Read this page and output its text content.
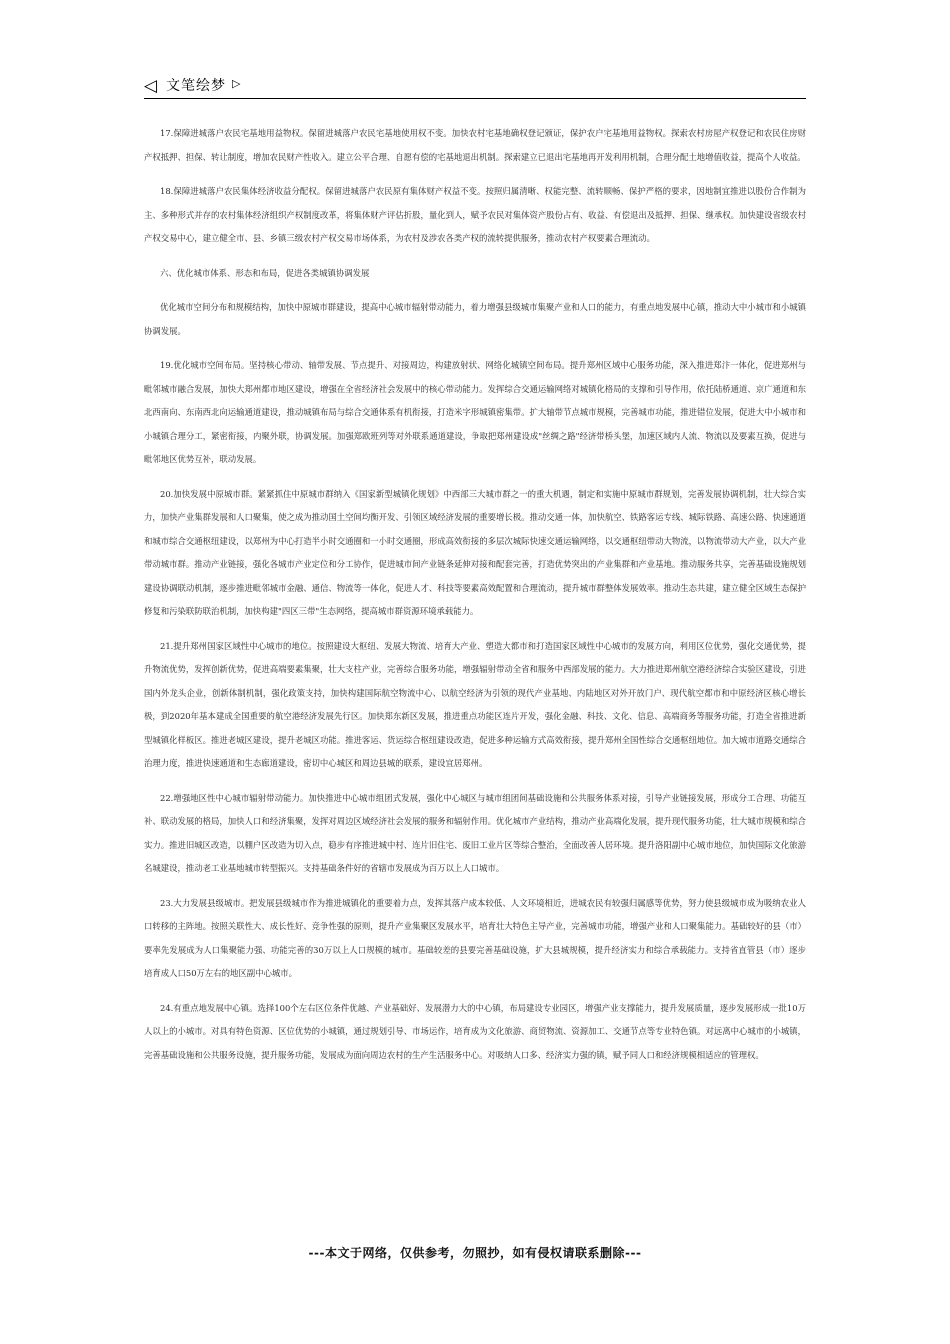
◁ 文笔绘梦 ▷

17.保障进城落户农民宅基地用益物权。保留进城落户农民宅基地使用权不变。加快农村宅基地确权登记颁证，保护农户宅基地用益物权。探索农村房屋产权登记和农民住房财产权抵押、担保、转让制度，增加农民财产性收入。建立公平合理、自愿有偿的宅基地退出机制。探索建立已退出宅基地再开发利用机制，合理分配土地增值收益，提高个人收益。

18.保障进城落户农民集体经济收益分配权。保留进城落户农民原有集体财产权益不变。按照归属清晰、权能完整、流转顺畅、保护严格的要求，因地制宜推进以股份合作制为主、多种形式并存的农村集体经济组织产权制度改革，将集体财产评估折股，量化到人，赋予农民对集体资产股份占有、收益、有偿退出及抵押、担保、继承权。加快建设省级农村产权交易中心，建立健全市、县、乡镇三级农村产权交易市场体系，为农村及涉农各类产权的流转提供服务，推动农村产权要素合理流动。

六、优化城市体系、形态和布局，促进各类城镇协调发展

优化城市空间分布和规模结构，加快中原城市群建设，提高中心城市辐射带动能力，着力增强县级城市集聚产业和人口的能力，有重点地发展中心镇，推动大中小城市和小城镇协调发展。

19.优化城市空间布局。坚持核心带动、轴带发展、节点提升、对接周边，构建放射状、网络化城镇空间布局。提升郑州区域中心服务功能，深入推进郑汴一体化，促进郑州与毗邻城市融合发展，加快大郑州都市地区建设，增强在全省经济社会发展中的核心带动能力。发挥综合交通运输网络对城镇化格局的支撑和引导作用，依托陆桥通道、京广通道和东北西南向、东南西北向运输通道建设，推动城镇布局与综合交通体系有机衔接，打造米字形城镇密集带。扩大轴带节点城市规模，完善城市功能，推进错位发展，促进大中小城市和小城镇合理分工，紧密衔接，内聚外联，协调发展。加强郑欧班列等对外联系通道建设，争取把郑州建设成"丝绸之路"经济带桥头堡，加速区域内人流、物流以及要素互换，促进与毗邻地区优势互补，联动发展。

20.加快发展中原城市群。紧紧抓住中原城市群纳入《国家新型城镇化规划》中西部三大城市群之一的重大机遇，制定和实施中原城市群规划，完善发展协调机制，壮大综合实力，加快产业集群发展和人口聚集，使之成为推动国土空间均衡开发、引领区域经济发展的重要增长极。推动交通一体，加快航空、铁路客运专线、城际铁路、高速公路、快速通道和城市综合交通枢纽建设，以郑州为中心打造半小时交通圈和一小时交通圈，形成高效衔接的多层次城际快速交通运输网络，以交通枢纽带动大物流，以物流带动大产业，以大产业带动城市群。推动产业链接，强化各城市产业定位和分工协作，促进城市间产业链条延伸对接和配套完善，打造优势突出的产业集群和产业基地。推动服务共享，完善基础设施规划建设协调联动机制，逐步推进毗邻城市金融、通信、物流等一体化，促进人才、科技等要素高效配置和合理流动，提升城市群整体发展效率。推动生态共建，建立健全区域生态保护修复和污染联防联治机制，加快构建"四区三带"生态网络，提高城市群资源环境承载能力。

21.提升郑州国家区域性中心城市的地位。按照建设大枢纽、发展大物流、培育大产业、塑造大都市和打造国家区域性中心城市的发展方向，利用区位优势，强化交通优势，提升物流优势，发挥创新优势，促进高端要素集聚，壮大支柱产业，完善综合服务功能，增强辐射带动全省和服务中西部发展的能力。大力推进郑州航空港经济综合实验区建设，引进国内外龙头企业，创新体制机制，强化政策支持，加快构建国际航空物流中心、以航空经济为引领的现代产业基地、内陆地区对外开放门户、现代航空都市和中原经济区核心增长极，到2020年基本建成全国重要的航空港经济发展先行区。加快郑东新区发展，推进重点功能区连片开发，强化金融、科技、文化、信息、高端商务等服务功能，打造全省推进新型城镇化样板区。推进老城区建设，提升老城区功能。推进客运、货运综合枢纽建设改造，促进多种运输方式高效衔接，提升郑州全国性综合交通枢纽地位。加大城市道路交通综合治理力度，推进快速通道和生态廊道建设，密切中心城区和周边县城的联系，建设宜居郑州。

22.增强地区性中心城市辐射带动能力。加快推进中心城市组团式发展，强化中心城区与城市组团间基础设施和公共服务体系对接，引导产业链接发展，形成分工合理、功能互补、联动发展的格局，加快人口和经济集聚，发挥对周边区域经济社会发展的服务和辐射作用。优化城市产业结构，推动产业高端化发展，提升现代服务功能，壮大城市规模和综合实力。推进旧城区改造，以棚户区改造为切入点，稳步有序推进城中村、连片旧住宅、废旧工业片区等综合整治，全面改善人居环境。提升洛阳副中心城市地位，加快国际文化旅游名城建设，推动老工业基地城市转型振兴。支持基础条件好的省辖市发展成为百万以上人口城市。

23.大力发展县级城市。把发展县级城市作为推进城镇化的重要着力点，发挥其落户成本较低、人文环境相近，进城农民有较强归属感等优势，努力使县级城市成为吸纳农业人口转移的主阵地。按照关联性大、成长性好、竞争性强的原则，提升产业集聚区发展水平，培育壮大特色主导产业，完善城市功能，增强产业和人口聚集能力。基础较好的县（市）要率先发展成为人口集聚能力强、功能完善的30万以上人口规模的城市。基础较差的县要完善基础设施，扩大县城规模，提升经济实力和综合承载能力。支持省直管县（市）逐步培育成人口50万左右的地区副中心城市。

24.有重点地发展中心镇。选择100个左右区位条件优越、产业基础好、发展潜力大的中心镇，布局建设专业园区，增强产业支撑能力，提升发展质量，逐步发展形成一批10万人以上的小城市。对具有特色资源、区位优势的小城镇，通过规划引导、市场运作，培育成为文化旅游、商贸物流、资源加工、交通节点等专业特色镇。对远离中心城市的小城镇，完善基础设施和公共服务设施，提升服务功能，发展成为面向周边农村的生产生活服务中心。对吸纳人口多、经济实力强的镇，赋予同人口和经济规模相适应的管理权。

---本文于网络，仅供参考，勿照抄，如有侵权请联系删除---
